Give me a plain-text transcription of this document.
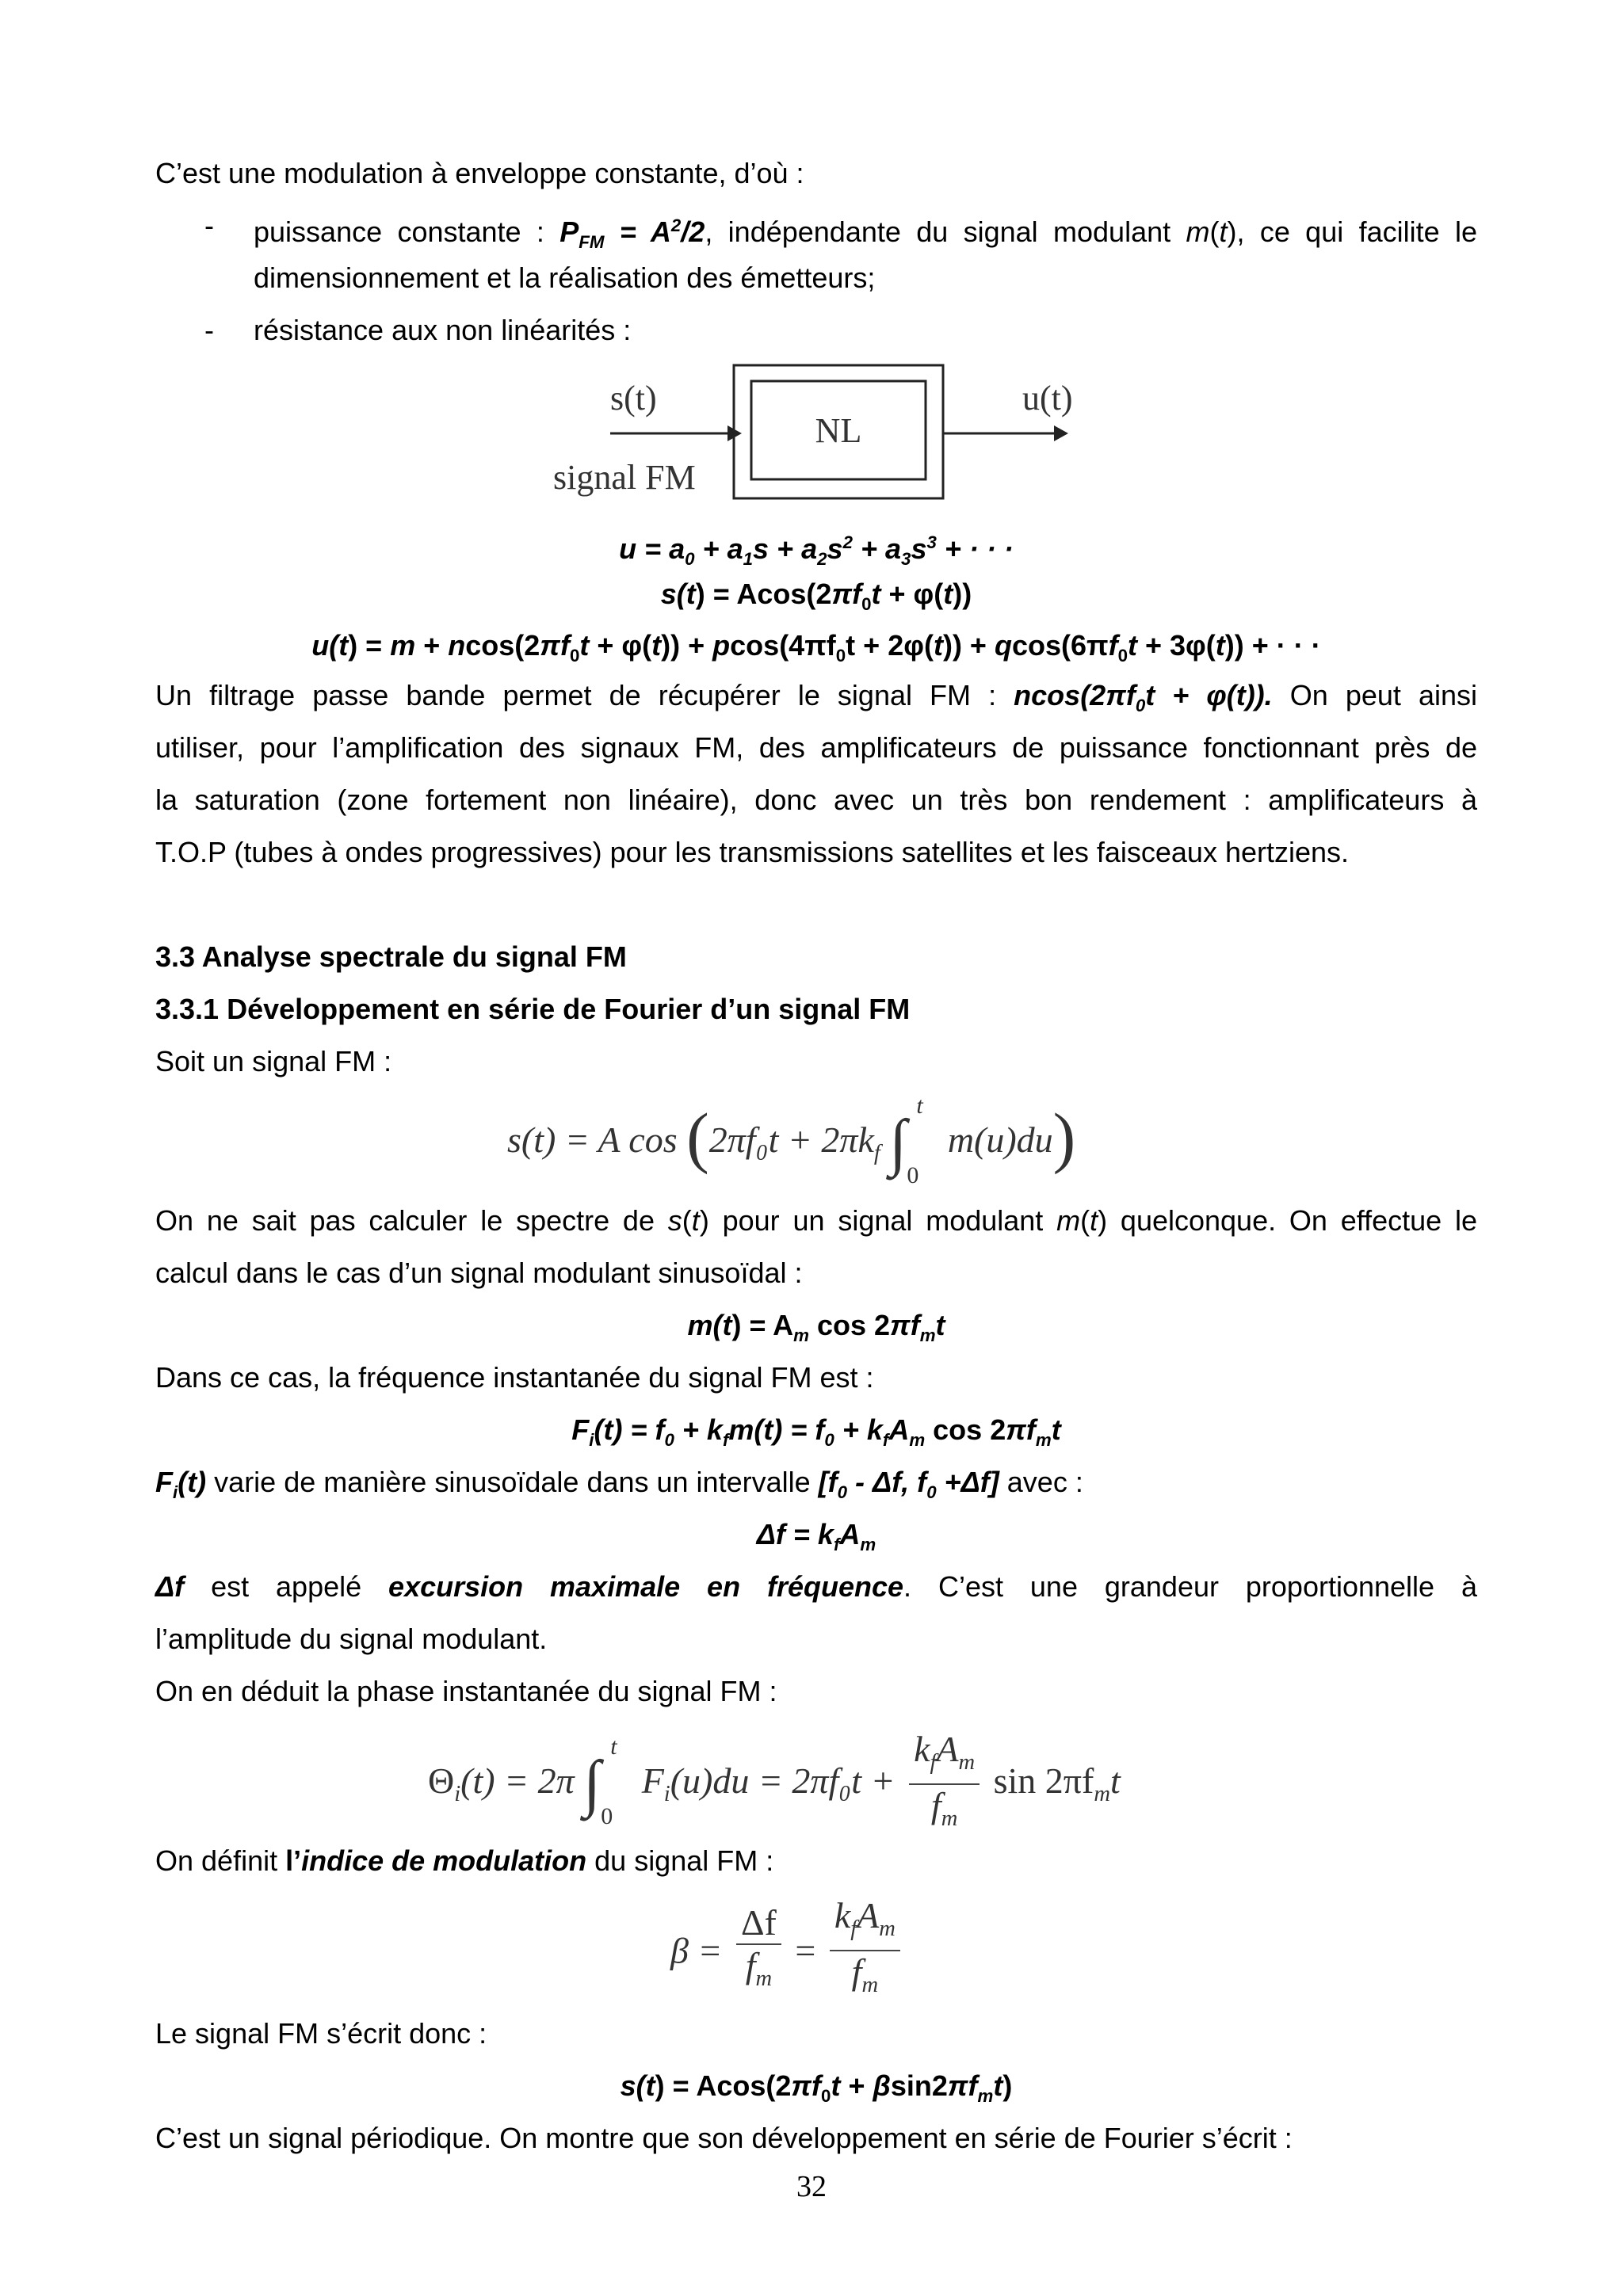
C’est une modulation à enveloppe constante, d’où :
- puissance constante : $P_{FM} = A^2/2$, indépendante du signal modulant m(t), ce qui facilite le
dimensionnement et la réalisation des émetteurs;
- résistance aux non linéarités :
s(t)
signal FM
NL
u(t)
$u = a_0 + a_1s + a_2s^2 + a_3s^3$ + · · ·
$s(t) = Acos(2\pi f_0t + \varphi(t))$
$u(t) = m + ncos(2\pi f_0t + \varphi(t)) + pcos(4\pi f_0t + 2\varphi(t)) + qcos(6\pi f_0t + 3\varphi(t))$ + · · ·
Un filtrage passe bande permet de récupérer le signal FM : $ncos(2\pi f_0t + \varphi(t))$. On peut ainsi
utiliser, pour l’amplification des signaux FM, des amplificateurs de puissance fonctionnant près de
la saturation (zone fortement non linéaire), donc avec un très bon rendement : amplificateurs à
T.O.P (tubes à ondes progressives) pour les transmissions satellites et les faisceaux hertziens.
3.3 Analyse spectrale du signal FM
3.3.1 Développement en série de Fourier d’un signal FM
Soit un signal FM :
s(t) = A $\cos (2\pi f_0t + 2\pi k_f$ ∫
t
0
m(u)du)
On ne sait pas calculer le spectre de s(t) pour un signal modulant m(t) quelconque. On effectue le
calcul dans le cas d’un signal modulant sinusoïdal :
$m(t) = A_m$ $\cos 2\pi f_mt$
Dans ce cas, la fréquence instantanée du signal FM est :
$F_i(t) = f_0 + k_fm(t) = f_0 + k_fA_m$ $\cos 2\pi f_mt$
$F_i(t)$ varie de manière sinusoïdale dans un intervalle [$f_0$ - Δf, $f_0 +\Delta f$] avec :
$\Delta f = k_fA_m$
Δf est appelé excursion maximale en fréquence. C’est une grandeur proportionnelle à
l’amplitude du signal modulant.
On en déduit la phase instantanée du signal FM :
$\Theta_i(t) = 2\pi$ ∫
t
0
$F_i(u)du = 2\pi f_0t + \frac{k_fA_m}{f_m}$ $\sin 2\pi f_mt$
On définit l’indice de modulation du signal FM :
$\beta = \frac{\Delta f}{f_m} = \frac{k_fA_m}{f_m}$
Le signal FM s’écrit donc :
$s(t) = Acos(2\pi f_0t + \beta\sin 2\pi f_mt)$
C’est un signal périodique. On montre que son développement en série de Fourier s’écrit :
32
